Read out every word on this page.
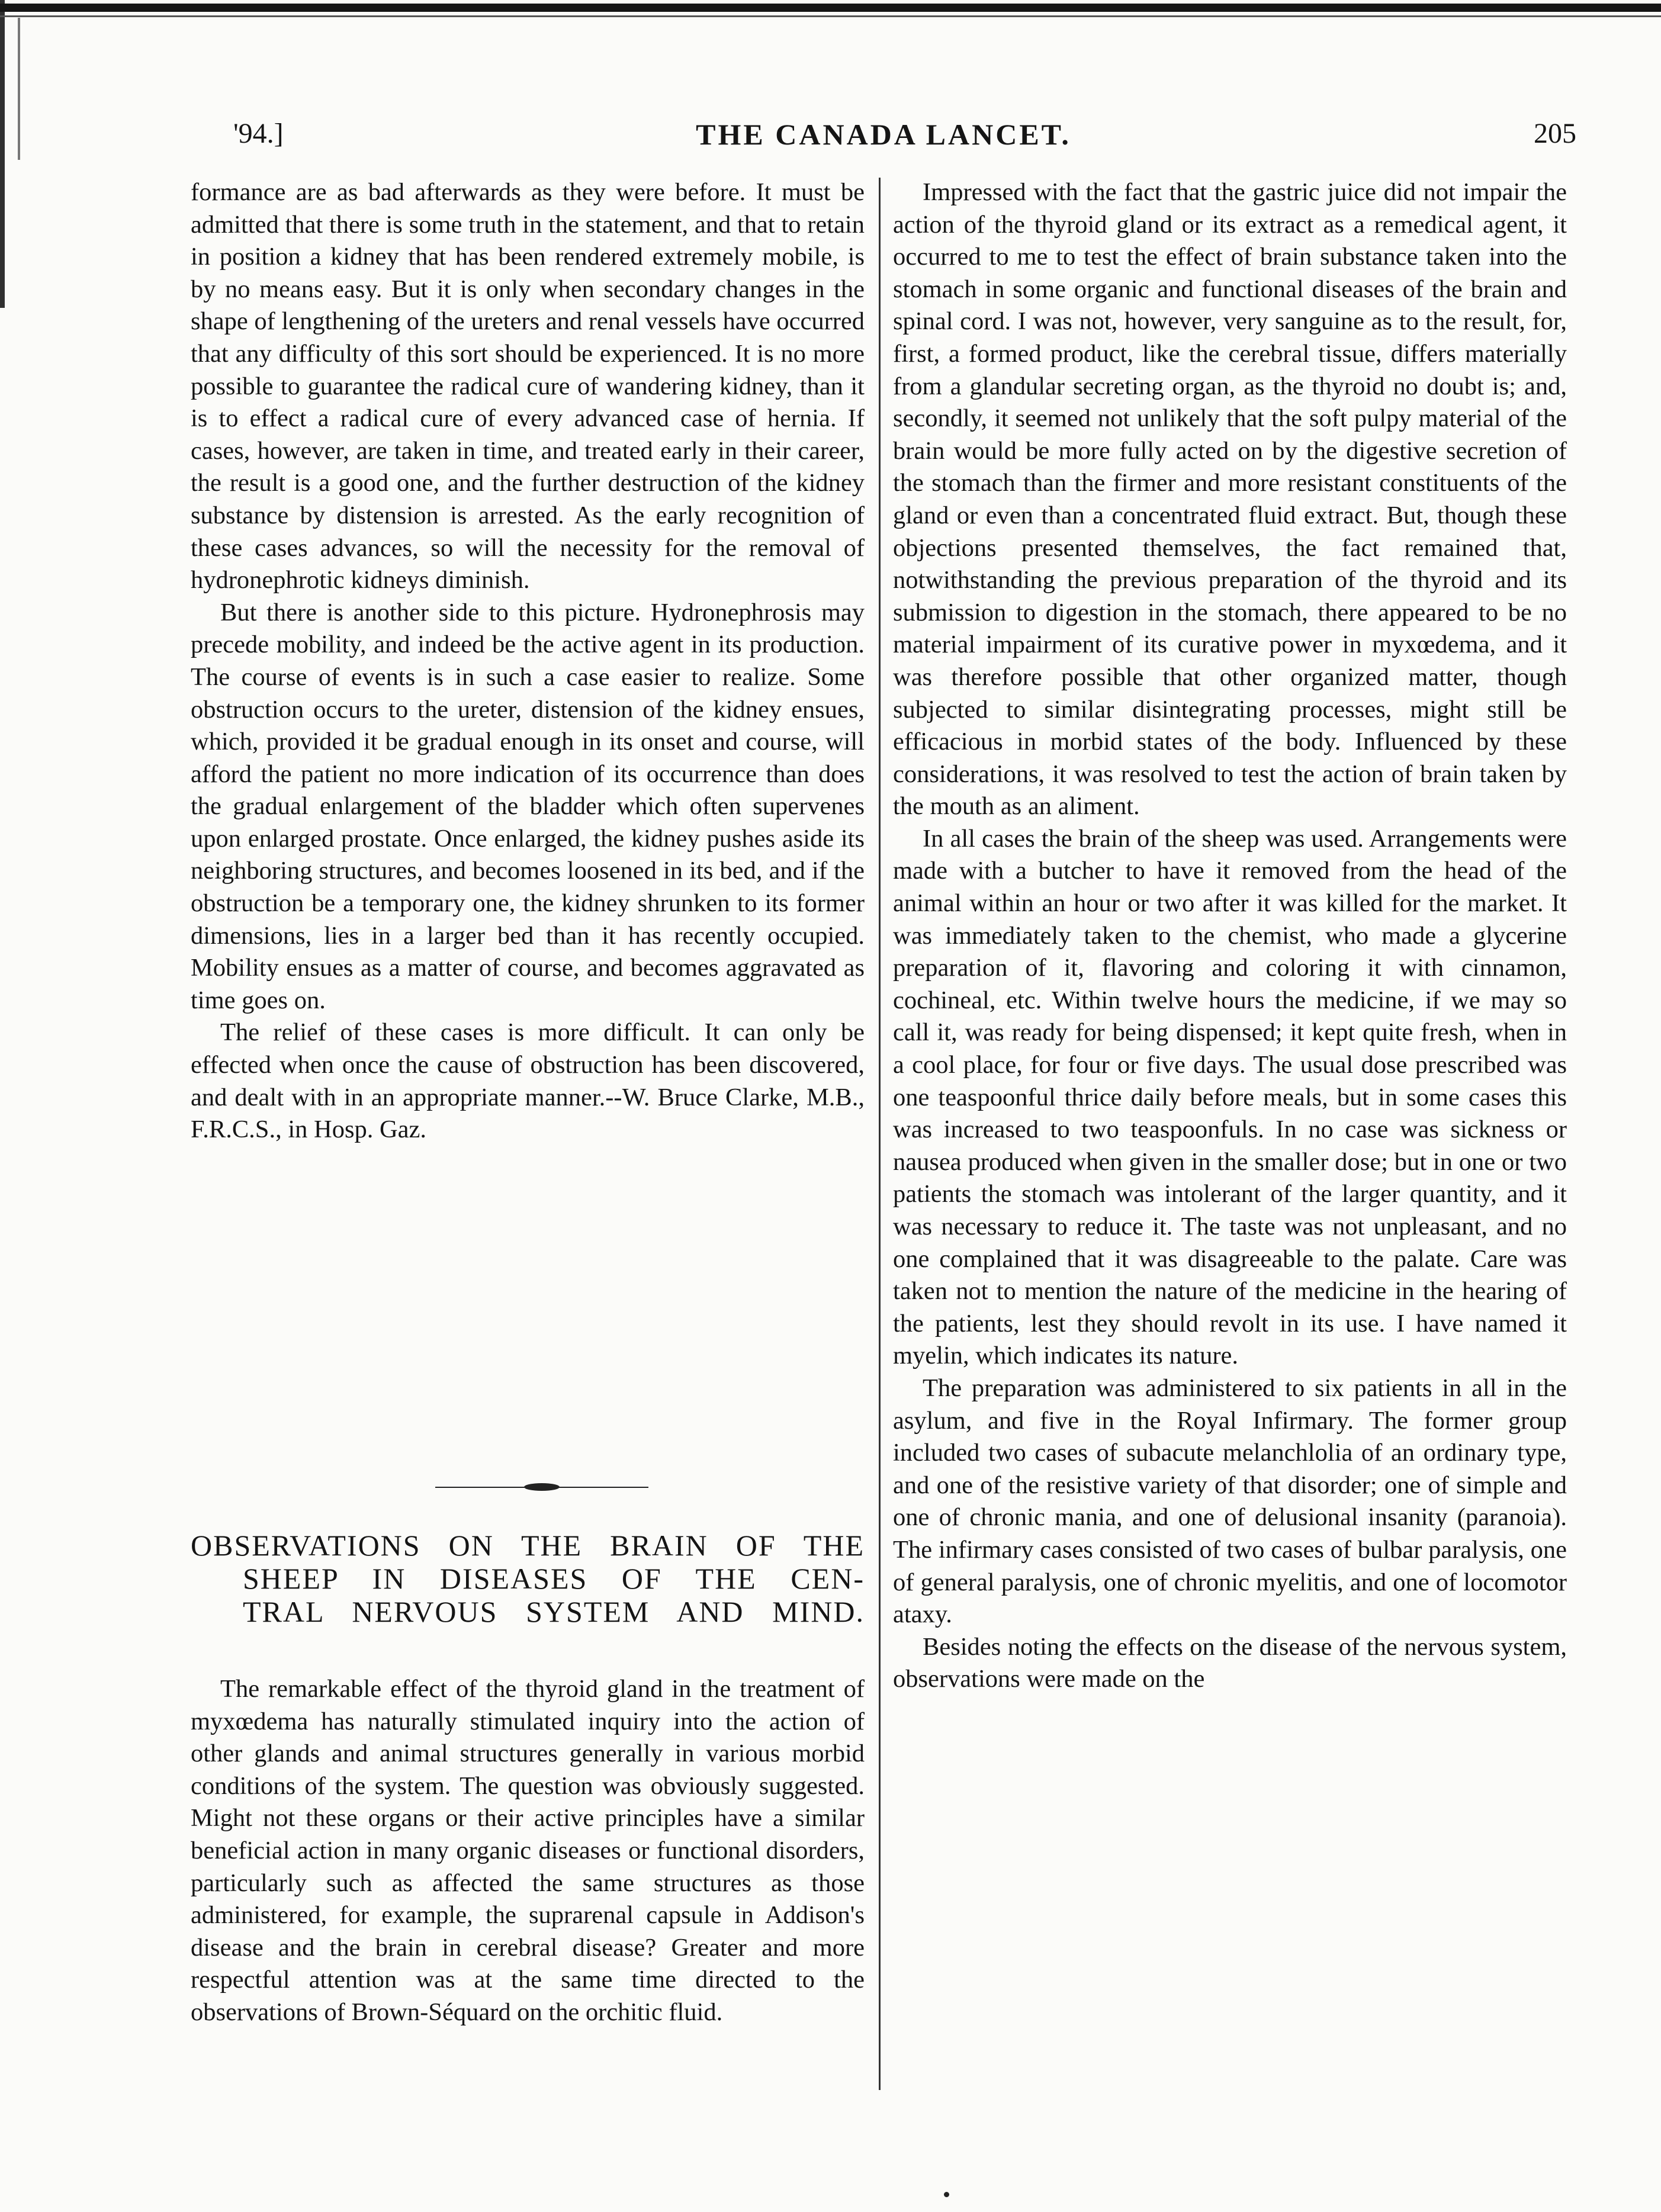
THE CANADA LANCET.
'94.]	205

formance are as bad afterwards as they were before. It must be admitted that there is some truth in the statement, and that to retain in position a kidney that has been rendered extremely mobile, is by no means easy. But it is only when secondary changes in the shape of lengthening of the ureters and renal vessels have occurred that any difficulty of this sort should be experienced. It is no more possible to guarantee the radical cure of wandering kidney, than it is to effect a radical cure of every advanced case of hernia. If cases, however, are taken in time, and treated early in their career, the result is a good one, and the further destruction of the kidney substance by distension is arrested. As the early recognition of these cases advances, so will the necessity for the removal of hydronephrotic kidneys diminish.

But there is another side to this picture. Hydronephrosis may precede mobility, and indeed be the active agent in its production. The course of events is in such a case easier to realize. Some obstruction occurs to the ureter, distension of the kidney ensues, which, provided it be gradual enough in its onset and course, will afford the patient no more indication of its occurrence than does the gradual enlargement of the bladder which often supervenes upon enlarged prostate. Once enlarged, the kidney pushes aside its neighboring structures, and becomes loosened in its bed, and if the obstruction be a temporary one, the kidney shrunken to its former dimensions, lies in a larger bed than it has recently occupied. Mobility ensues as a matter of course, and becomes aggravated as time goes on.

The relief of these cases is more difficult. It can only be effected when once the cause of obstruction has been discovered, and dealt with in an appropriate manner.--W. Bruce Clarke, M.B., F.R.C.S., in Hosp. Gaz.

OBSERVATIONS ON THE BRAIN OF THE
SHEEP IN DISEASES OF THE CEN-
TRAL NERVOUS SYSTEM AND MIND.

The remarkable effect of the thyroid gland in the treatment of myxœdema has naturally stimulated inquiry into the action of other glands and animal structures generally in various morbid conditions of the system. The question was obviously suggested. Might not these organs or their active principles have a similar beneficial action in many organic diseases or functional disorders, particularly such as affected the same structures as those administered, for example, the suprarenal capsule in Addison's disease and the brain in cerebral disease? Greater and more respectful attention was at the same time directed to the observations of Brown-Séquard on the orchitic fluid.

Impressed with the fact that the gastric juice did not impair the action of the thyroid gland or its extract as a remedical agent, it occurred to me to test the effect of brain substance taken into the stomach in some organic and functional diseases of the brain and spinal cord. I was not, however, very sanguine as to the result, for, first, a formed product, like the cerebral tissue, differs materially from a glandular secreting organ, as the thyroid no doubt is; and, secondly, it seemed not unlikely that the soft pulpy material of the brain would be more fully acted on by the digestive secretion of the stomach than the firmer and more resistant constituents of the gland or even than a concentrated fluid extract. But, though these objections presented themselves, the fact remained that, notwithstanding the previous preparation of the thyroid and its submission to digestion in the stomach, there appeared to be no material impairment of its curative power in myxœdema, and it was therefore possible that other organized matter, though subjected to similar disintegrating processes, might still be efficacious in morbid states of the body. Influenced by these considerations, it was resolved to test the action of brain taken by the mouth as an aliment.

In all cases the brain of the sheep was used. Arrangements were made with a butcher to have it removed from the head of the animal within an hour or two after it was killed for the market. It was immediately taken to the chemist, who made a glycerine preparation of it, flavoring and coloring it with cinnamon, cochineal, etc. Within twelve hours the medicine, if we may so call it, was ready for being dispensed; it kept quite fresh, when in a cool place, for four or five days. The usual dose prescribed was one teaspoonful thrice daily before meals, but in some cases this was increased to two teaspoonfuls. In no case was sickness or nausea produced when given in the smaller dose; but in one or two patients the stomach was intolerant of the larger quantity, and it was necessary to reduce it. The taste was not unpleasant, and no one complained that it was disagreeable to the palate. Care was taken not to mention the nature of the medicine in the hearing of the patients, lest they should revolt in its use. I have named it myelin, which indicates its nature.

The preparation was administered to six patients in all in the asylum, and five in the Royal Infirmary. The former group included two cases of subacute melanchlolia of an ordinary type, and one of the resistive variety of that disorder; one of simple and one of chronic mania, and one of delusional insanity (paranoia). The infirmary cases consisted of two cases of bulbar paralysis, one of general paralysis, one of chronic myelitis, and one of locomotor ataxy.

Besides noting the effects on the disease of the nervous system, observations were made on the
